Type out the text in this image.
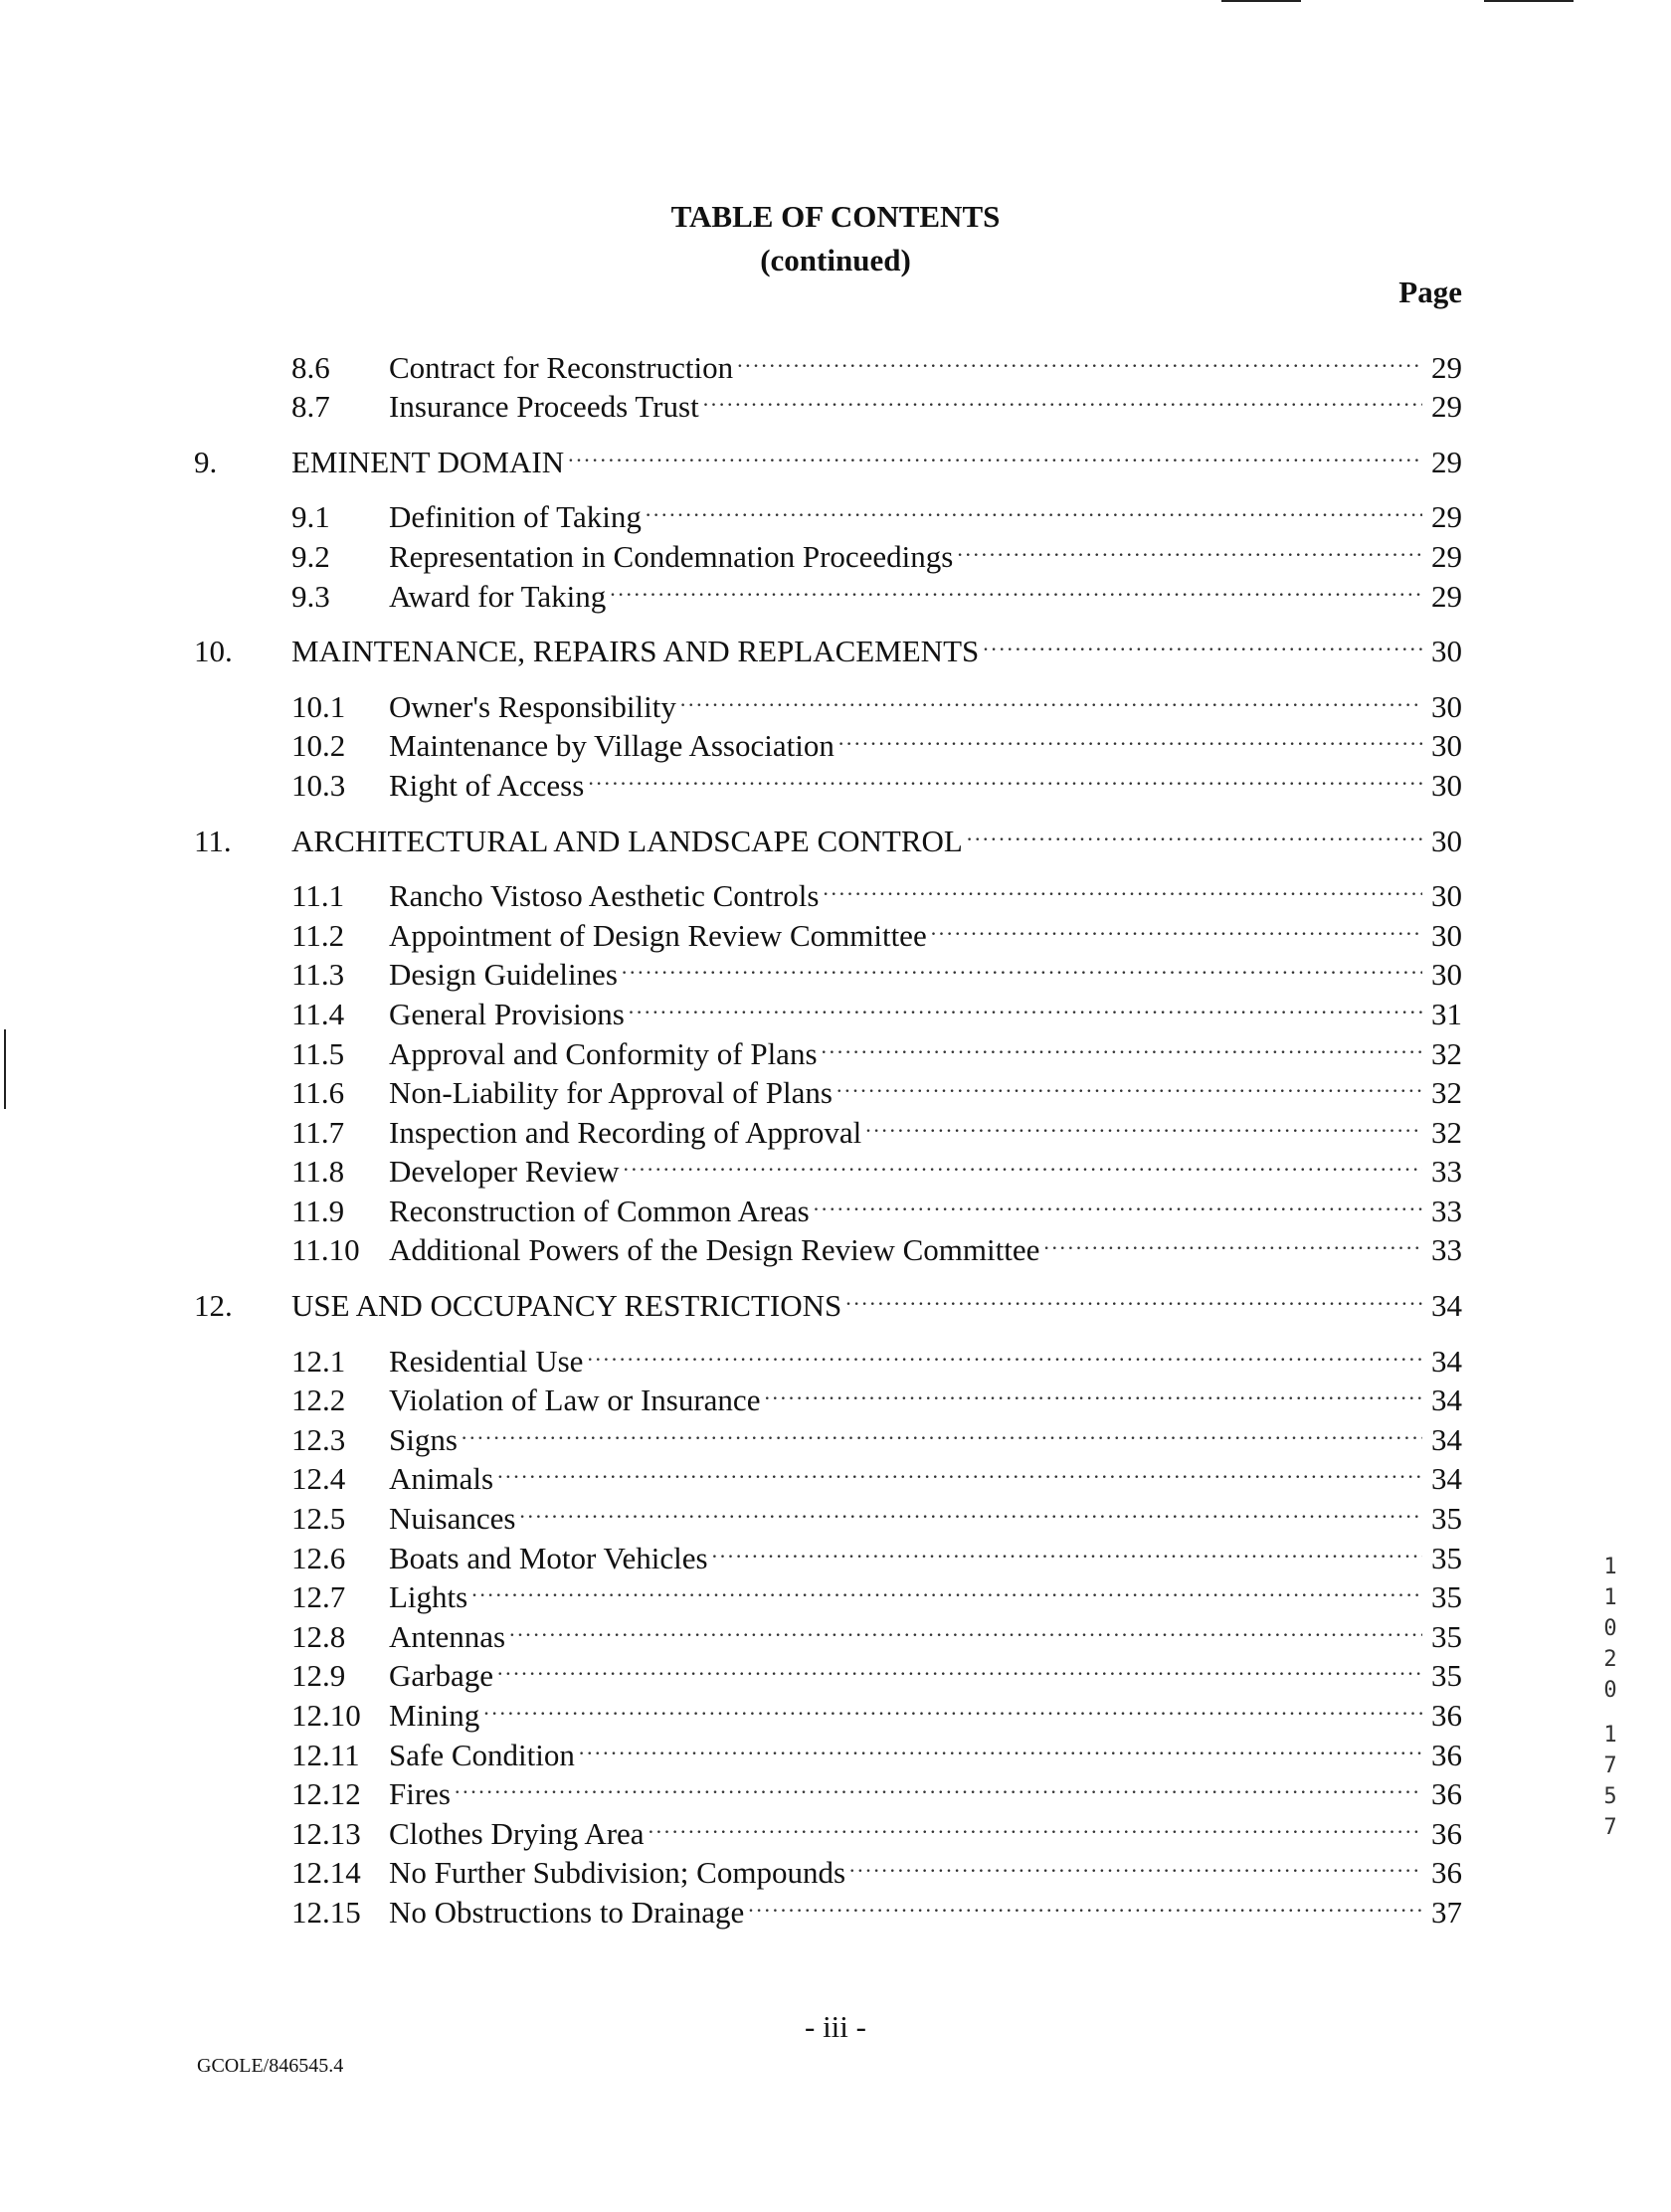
TABLE OF CONTENTS
(continued)
Page
8.6	Contract for Reconstruction .....	29
8.7	Insurance Proceeds Trust .....	29
9.	EMINENT DOMAIN .....	29
9.1	Definition of Taking .....	29
9.2	Representation in Condemnation Proceedings .....	29
9.3	Award for Taking .....	29
10.	MAINTENANCE, REPAIRS AND REPLACEMENTS .....	30
10.1	Owner's Responsibility .....	30
10.2	Maintenance by Village Association .....	30
10.3	Right of Access .....	30
11.	ARCHITECTURAL AND LANDSCAPE CONTROL .....	30
11.1	Rancho Vistoso Aesthetic Controls .....	30
11.2	Appointment of Design Review Committee .....	30
11.3	Design Guidelines .....	30
11.4	General Provisions .....	31
11.5	Approval and Conformity of Plans .....	32
11.6	Non-Liability for Approval of Plans .....	32
11.7	Inspection and Recording of Approval .....	32
11.8	Developer Review .....	33
11.9	Reconstruction of Common Areas .....	33
11.10 Additional Powers of the Design Review Committee .....	33
12.	USE AND OCCUPANCY RESTRICTIONS .....	34
12.1	Residential Use .....	34
12.2	Violation of Law or Insurance .....	34
12.3	Signs .....	34
12.4	Animals .....	34
12.5	Nuisances .....	35
12.6	Boats and Motor Vehicles .....	35
12.7	Lights .....	35
12.8	Antennas .....	35
12.9	Garbage .....	35
12.10 Mining .....	36
12.11 Safe Condition .....	36
12.12 Fires .....	36
12.13 Clothes Drying Area .....	36
12.14 No Further Subdivision; Compounds .....	36
12.15 No Obstructions to Drainage .....	37
- iii -
GCOLE/846545.4
1
1
0
2
0
1
7
5
7
